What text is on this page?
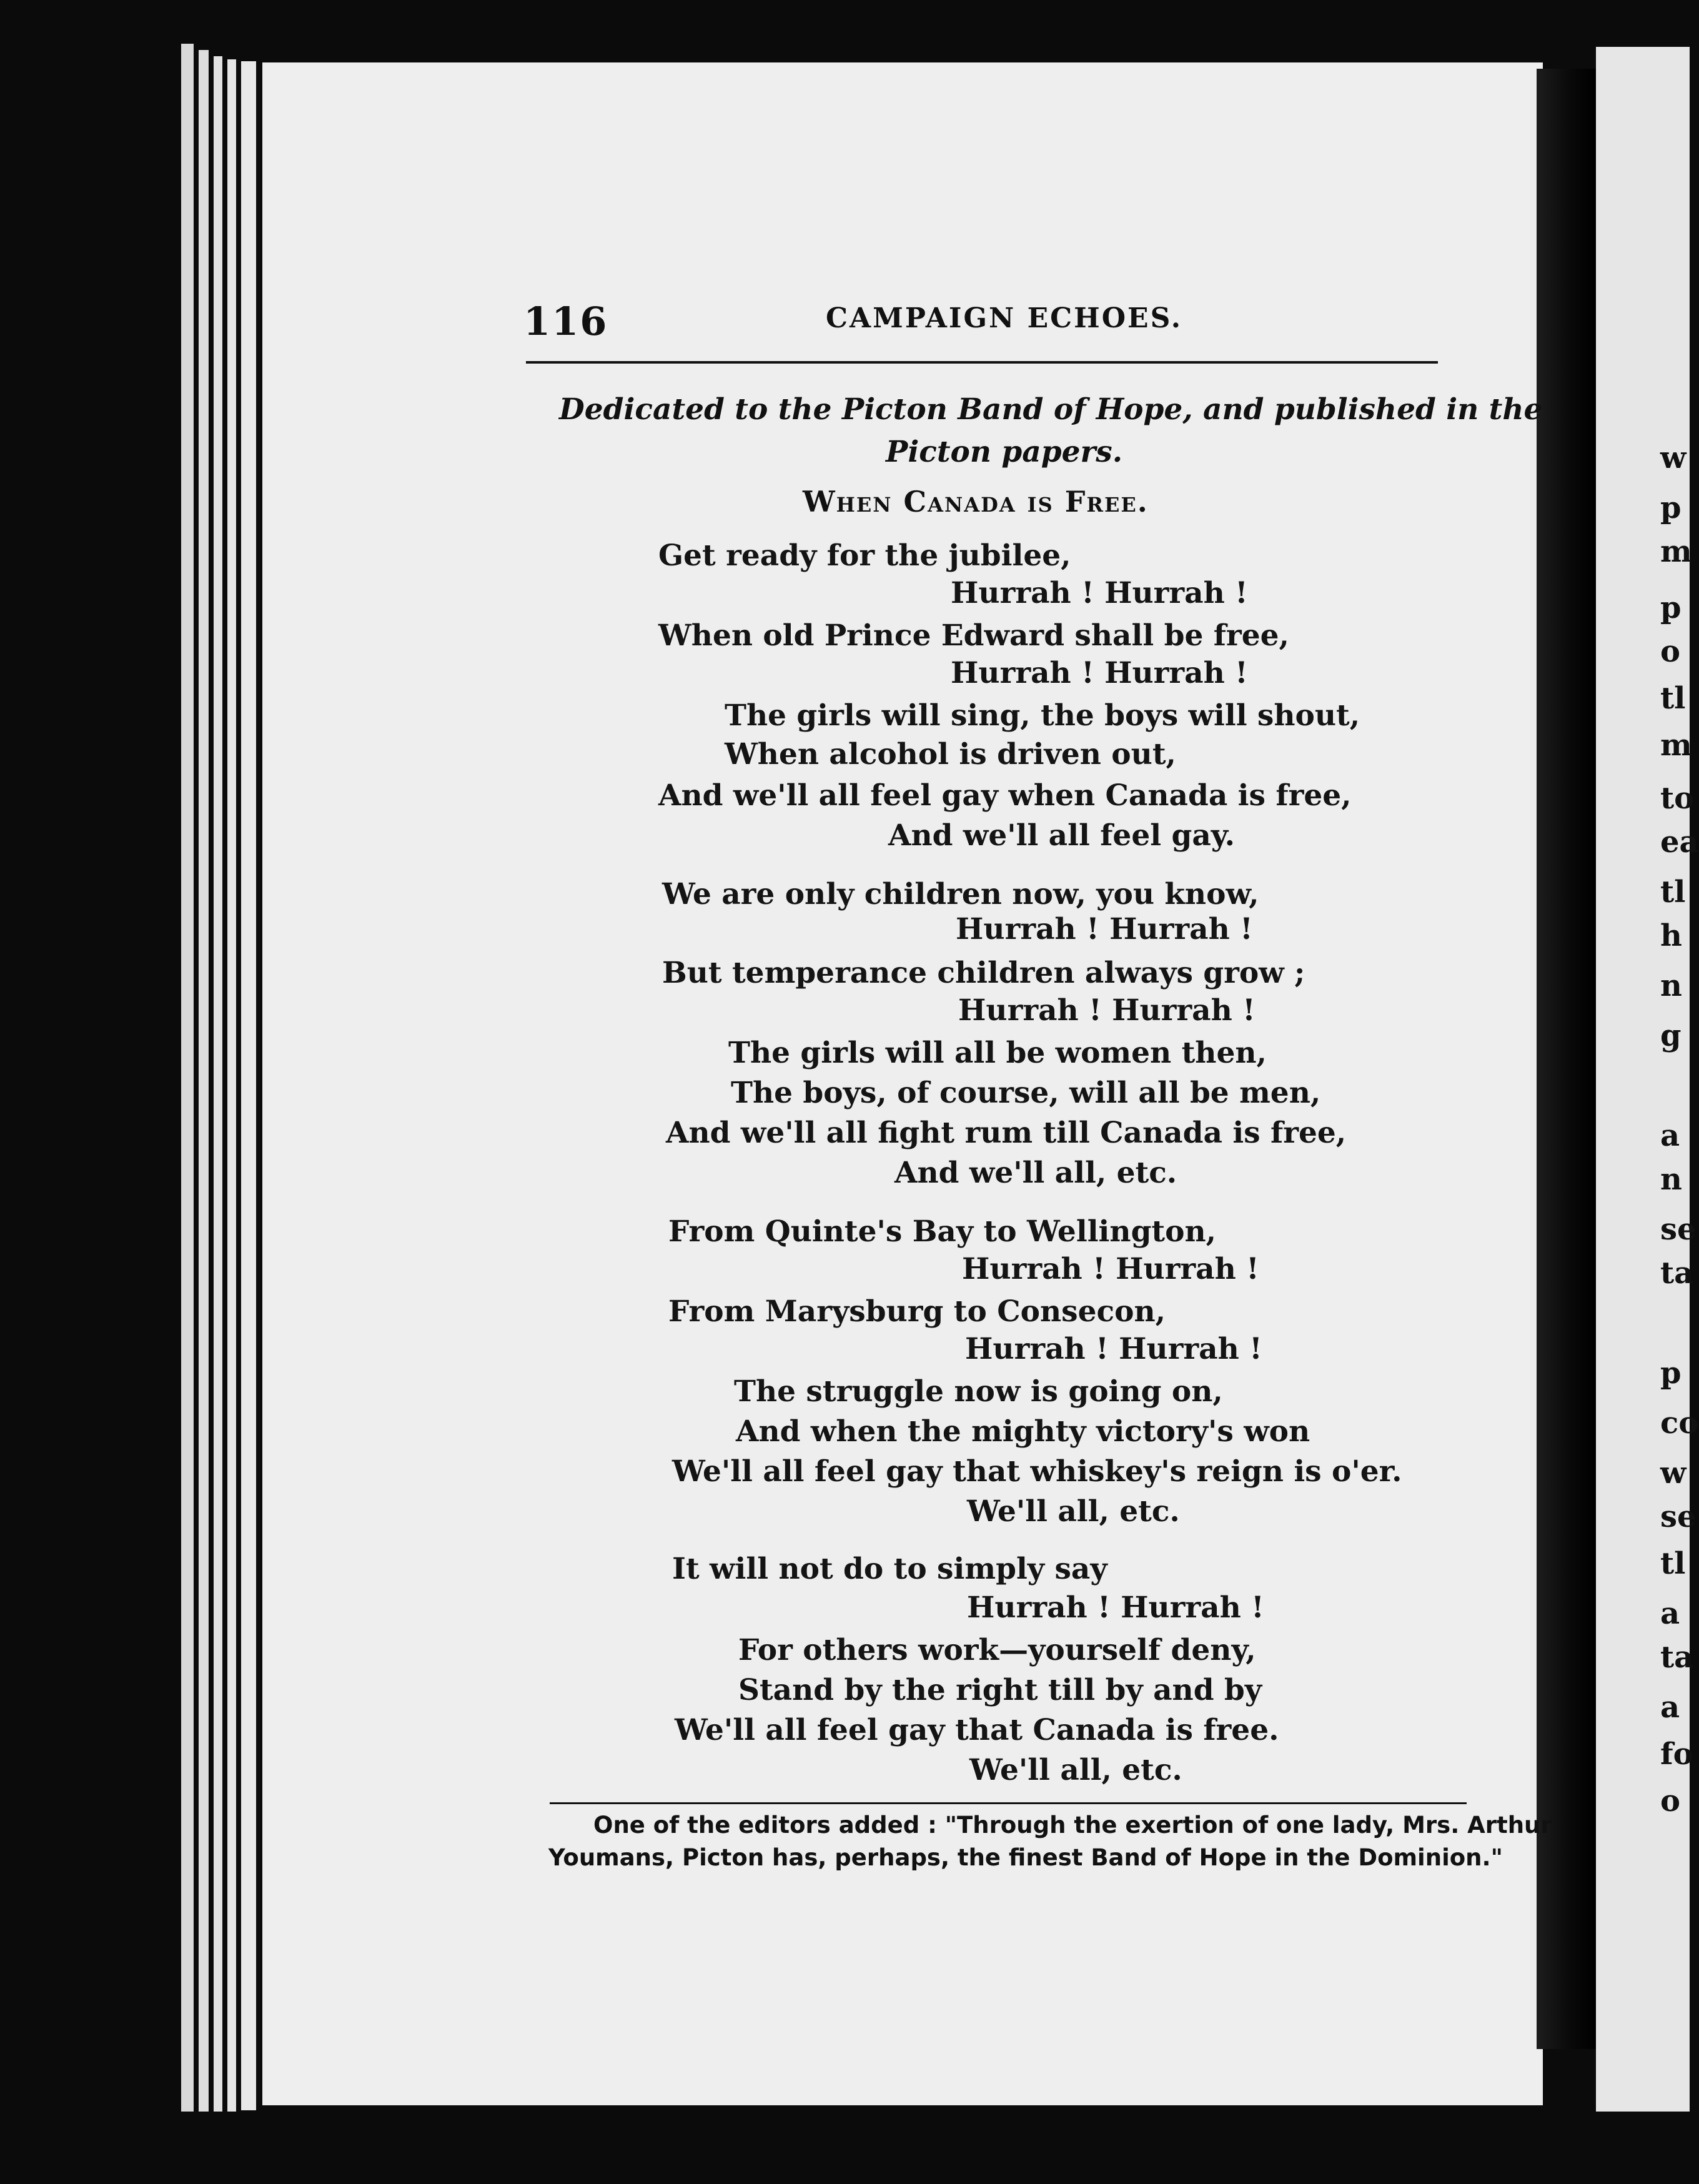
116	CAMPAIGN ECHOES.
Dedicated to the Picton Band of Hope, and published in the
Picton papers.
When Canada is Free.
Get ready for the jubilee,
Hurrah ! Hurrah !
When old Prince Edward shall be free,
Hurrah ! Hurrah !
The girls will sing, the boys will shout,
When alcohol is driven out,
And we'll all feel gay when Canada is free,
And we'll all feel gay.
We are only children now, you know,
Hurrah ! Hurrah !
But temperance children always grow ;
Hurrah ! Hurrah !
The girls will all be women then,
The boys, of course, will all be men,
And we'll all fight rum till Canada is free,
And we'll all, etc.
From Quinte's Bay to Wellington,
Hurrah ! Hurrah !
From Marysburg to Consecon,
Hurrah ! Hurrah !
The struggle now is going on,
And when the mighty victory's won
We'll all feel gay that whiskey's reign is o'er.
We'll all, etc.
It will not do to simply say
Hurrah ! Hurrah !
For others work—yourself deny,
Stand by the right till by and by
We'll all feel gay that Canada is free.
We'll all, etc.
One of the editors added : "Through the exertion of one lady, Mrs. Arthur
Youmans, Picton has, perhaps, the finest Band of Hope in the Dominion."
w
p
m
p
o
tl
m
to
ea
tl
h
n
g
a
n
se
ta
p
co
w
se
tl
a
ta
a
fo
o
